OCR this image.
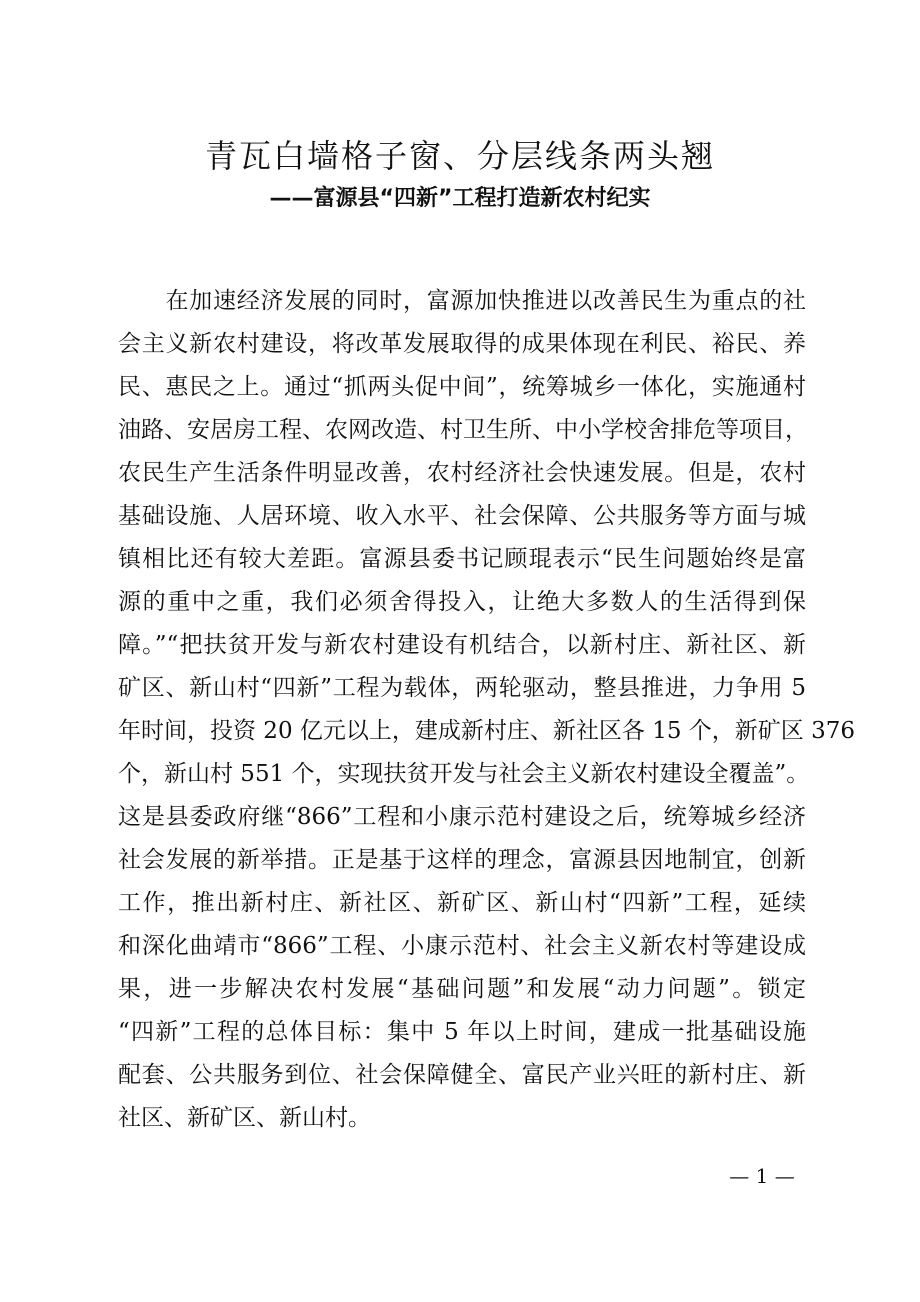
青瓦白墙格子窗、分层线条两头翘
——富源县“四新”工程打造新农村纪实
　　在加速经济发展的同时，富源加快推进以改善民生为重点的社
会主义新农村建设，将改革发展取得的成果体现在利民、裕民、养
民、惠民之上。通过“抓两头促中间”，统筹城乡一体化，实施通村
油路、安居房工程、农网改造、村卫生所、中小学校舍排危等项目，
农民生产生活条件明显改善，农村经济社会快速发展。但是，农村
基础设施、人居环境、收入水平、社会保障、公共服务等方面与城
镇相比还有较大差距。富源县委书记顾琨表示“民生问题始终是富
源的重中之重，我们必须舍得投入，让绝大多数人的生活得到保
障。”“把扶贫开发与新农村建设有机结合，以新村庄、新社区、新
矿区、新山村“四新”工程为载体，两轮驱动，整县推进，力争用 5
年时间，投资 20 亿元以上，建成新村庄、新社区各 15 个，新矿区 376
个，新山村 551 个，实现扶贫开发与社会主义新农村建设全覆盖”。
这是县委政府继“866”工程和小康示范村建设之后，统筹城乡经济
社会发展的新举措。正是基于这样的理念，富源县因地制宜，创新
工作，推出新村庄、新社区、新矿区、新山村“四新”工程，延续
和深化曲靖市“866”工程、小康示范村、社会主义新农村等建设成
果，进一步解决农村发展“基础问题”和发展“动力问题”。锁定
“四新”工程的总体目标：集中 5 年以上时间，建成一批基础设施
配套、公共服务到位、社会保障健全、富民产业兴旺的新村庄、新
社区、新矿区、新山村。
— 1 —
